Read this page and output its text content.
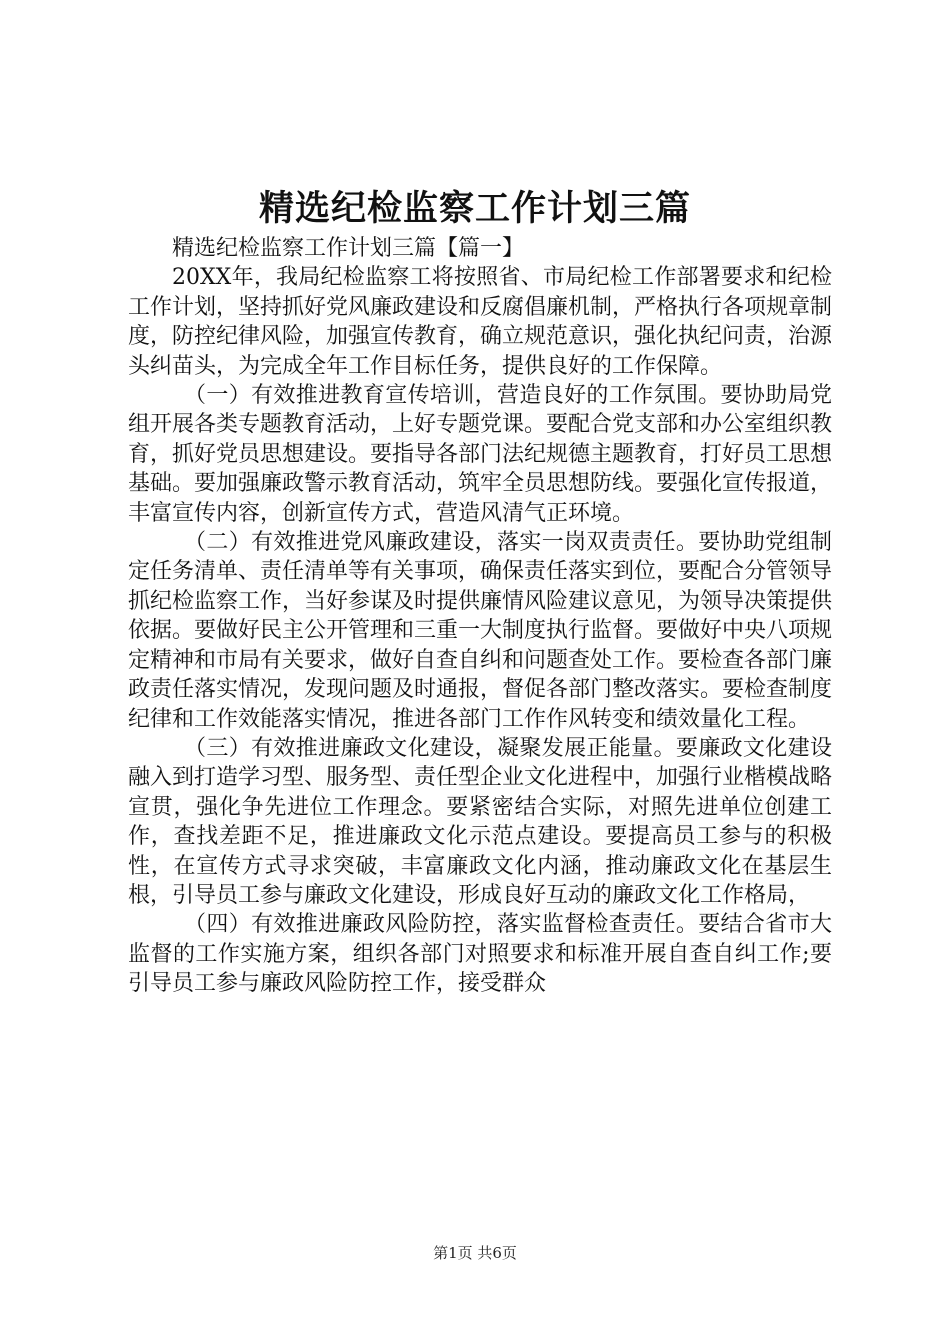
精选纪检监察工作计划三篇

精选纪检监察工作计划三篇【篇一】

20XX年，我局纪检监察工将按照省、市局纪检工作部署要求和纪检工作计划，坚持抓好党风廉政建设和反腐倡廉机制，严格执行各项规章制度，防控纪律风险，加强宣传教育，确立规范意识，强化执纪问责，治源头纠苗头，为完成全年工作目标任务，提供良好的工作保障。

（一）有效推进教育宣传培训，营造良好的工作氛围。要协助局党组开展各类专题教育活动，上好专题党课。要配合党支部和办公室组织教育，抓好党员思想建设。要指导各部门法纪规德主题教育，打好员工思想基础。要加强廉政警示教育活动，筑牢全员思想防线。要强化宣传报道，丰富宣传内容，创新宣传方式，营造风清气正环境。

（二）有效推进党风廉政建设，落实一岗双责责任。要协助党组制定任务清单、责任清单等有关事项，确保责任落实到位，要配合分管领导抓纪检监察工作，当好参谋及时提供廉情风险建议意见，为领导决策提供依据。要做好民主公开管理和三重一大制度执行监督。要做好中央八项规定精神和市局有关要求，做好自查自纠和问题查处工作。要检查各部门廉政责任落实情况，发现问题及时通报，督促各部门整改落实。要检查制度纪律和工作效能落实情况，推进各部门工作作风转变和绩效量化工程。

（三）有效推进廉政文化建设，凝聚发展正能量。要廉政文化建设融入到打造学习型、服务型、责任型企业文化进程中，加强行业楷模战略宣贯，强化争先进位工作理念。要紧密结合实际，对照先进单位创建工作，查找差距不足，推进廉政文化示范点建设。要提高员工参与的积极性，在宣传方式寻求突破，丰富廉政文化内涵，推动廉政文化在基层生根，引导员工参与廉政文化建设，形成良好互动的廉政文化工作格局，

（四）有效推进廉政风险防控，落实监督检查责任。要结合省市大监督的工作实施方案，组织各部门对照要求和标准开展自查自纠工作;要引导员工参与廉政风险防控工作，接受群众

第1页 共6页
